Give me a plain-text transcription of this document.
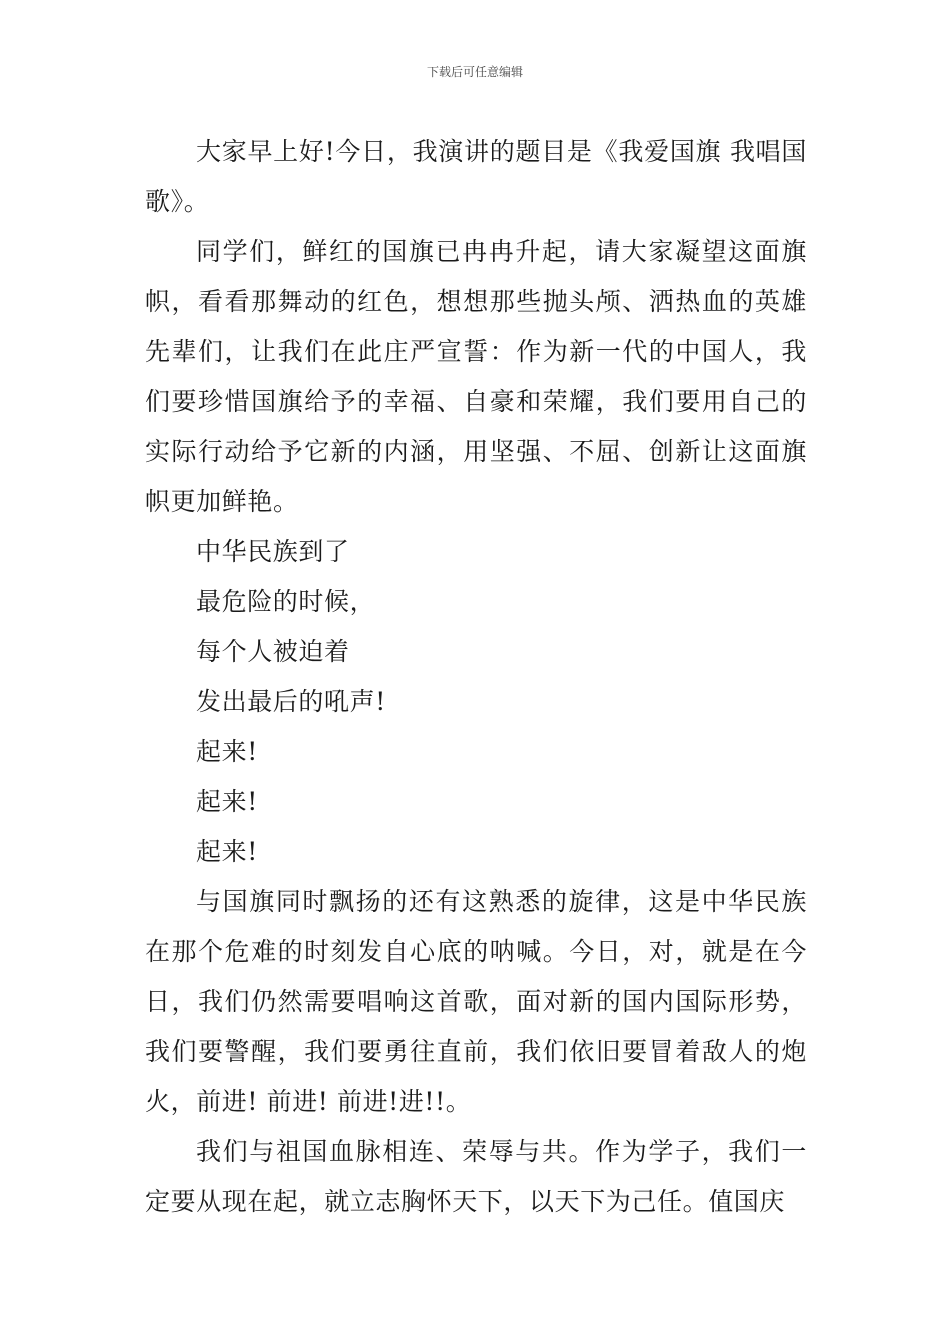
下载后可任意编辑

大家早上好!今日，我演讲的题目是《我爱国旗 我唱国歌》。

同学们，鲜红的国旗已冉冉升起，请大家凝望这面旗帜，看看那舞动的红色，想想那些抛头颅、洒热血的英雄先辈们，让我们在此庄严宣誓：作为新一代的中国人，我们要珍惜国旗给予的幸福、自豪和荣耀，我们要用自己的实际行动给予它新的内涵，用坚强、不屈、创新让这面旗帜更加鲜艳。

中华民族到了

最危险的时候，

每个人被迫着

发出最后的吼声!

起来!

起来!

起来!

与国旗同时飘扬的还有这熟悉的旋律，这是中华民族在那个危难的时刻发自心底的呐喊。今日，对，就是在今日，我们仍然需要唱响这首歌，面对新的国内国际形势，我们要警醒，我们要勇往直前，我们依旧要冒着敌人的炮火，前进! 前进! 前进!进!!。

我们与祖国血脉相连、荣辱与共。作为学子，我们一定要从现在起，就立志胸怀天下，以天下为己任。值国庆
